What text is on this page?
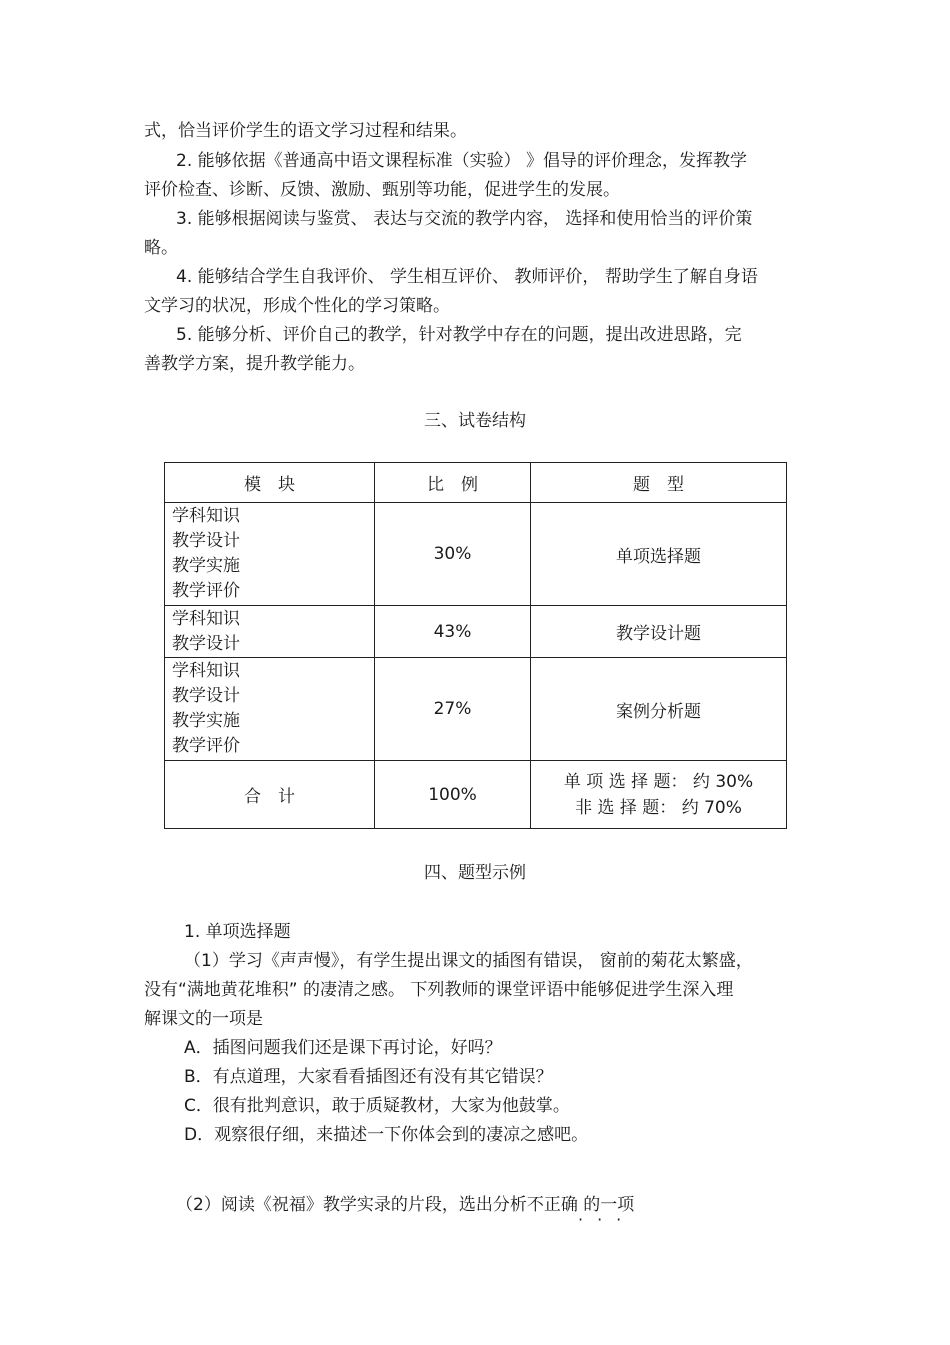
式，恰当评价学生的语文学习过程和结果。
2. 能够依据《普通高中语文课程标准（实验） 》倡导的评价理念，发挥教学
评价检查、诊断、反馈、激励、甄别等功能，促进学生的发展。
3. 能够根据阅读与鉴赏、 表达与交流的教学内容， 选择和使用恰当的评价策
略。
4. 能够结合学生自我评价、 学生相互评价、 教师评价， 帮助学生了解自身语
文学习的状况，形成个性化的学习策略。
5. 能够分析、评价自己的教学，针对教学中存在的问题，提出改进思路，完
善教学方案，提升教学能力。
三、试卷结构
模　块	比　例	题　型

学科知识
教学设计
教学实施
教学评价	30%	单项选择题

学科知识
教学设计	43%	教学设计题

学科知识
教学设计
教学实施
教学评价	27%	案例分析题
合　计	100%	单 项 选 择 题： 约 30%
非 选 择 题： 约 70%
四、题型示例
1. 单项选择题
（1）学习《声声慢》，有学生提出课文的插图有错误， 窗前的菊花太繁盛，
没有“满地黄花堆积” 的凄清之感。 下列教师的课堂评语中能够促进学生深入理
解课文的一项是
A．插图问题我们还是课下再讨论，好吗？
B．有点道理，大家看看插图还有没有其它错误？
C．很有批判意识，敢于质疑教材，大家为他鼓掌。
D．观察很仔细，来描述一下你体会到的凄凉之感吧。
（2）阅读《祝福》教学实录的片段，选出分析不正确 的一项
···
